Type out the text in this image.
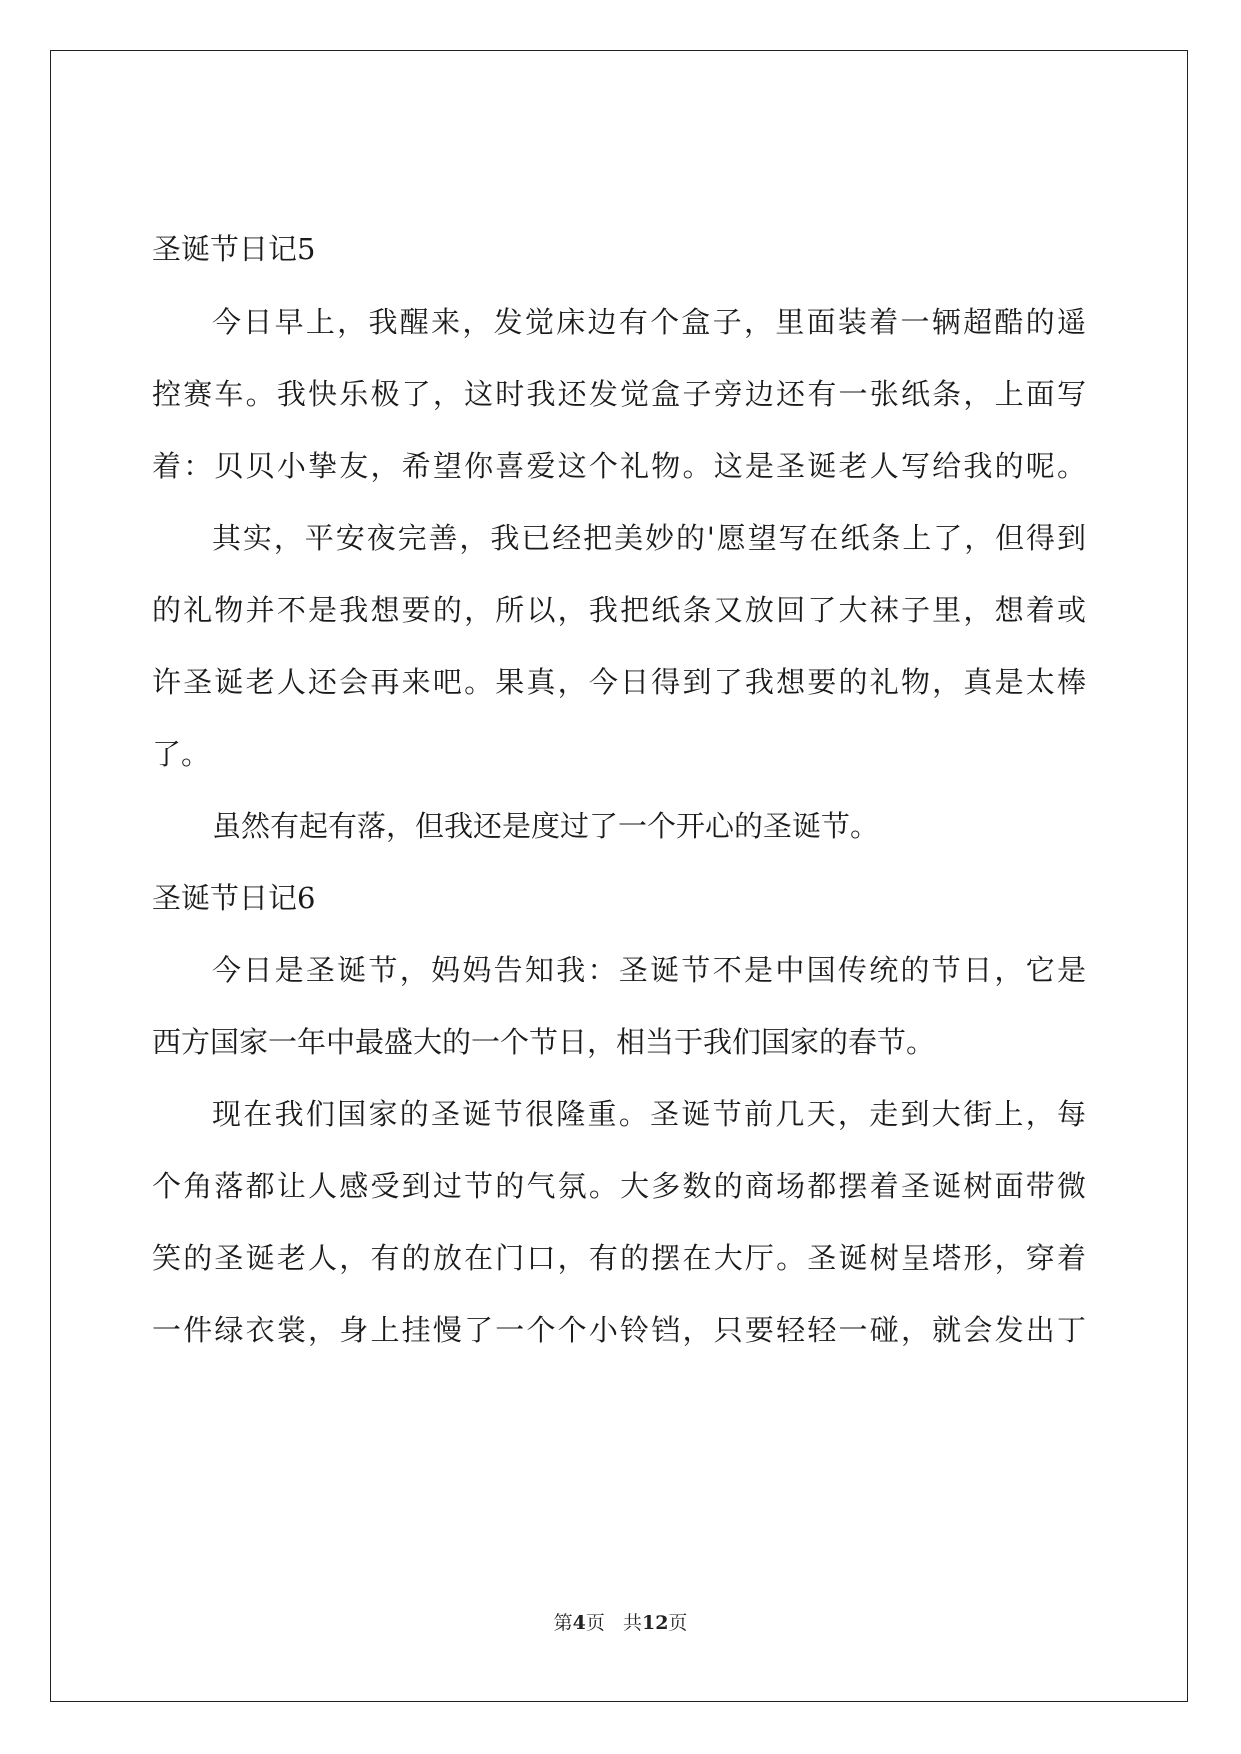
圣诞节日记5
今日早上，我醒来，发觉床边有个盒子，里面装着一辆超酷的遥
控赛车。我快乐极了，这时我还发觉盒子旁边还有一张纸条，上面写
着：贝贝小挚友，希望你喜爱这个礼物。这是圣诞老人写给我的呢。
其实，平安夜完善，我已经把美妙的'愿望写在纸条上了，但得到
的礼物并不是我想要的，所以，我把纸条又放回了大袜子里，想着或
许圣诞老人还会再来吧。果真，今日得到了我想要的礼物，真是太棒
了。
虽然有起有落，但我还是度过了一个开心的圣诞节。
圣诞节日记6
今日是圣诞节，妈妈告知我：圣诞节不是中国传统的节日，它是
西方国家一年中最盛大的一个节日，相当于我们国家的春节。
现在我们国家的圣诞节很隆重。圣诞节前几天，走到大街上，每
个角落都让人感受到过节的气氛。大多数的商场都摆着圣诞树面带微
笑的圣诞老人，有的放在门口，有的摆在大厅。圣诞树呈塔形，穿着
一件绿衣裳，身上挂慢了一个个小铃铛，只要轻轻一碰，就会发出丁
第4页 共12页
